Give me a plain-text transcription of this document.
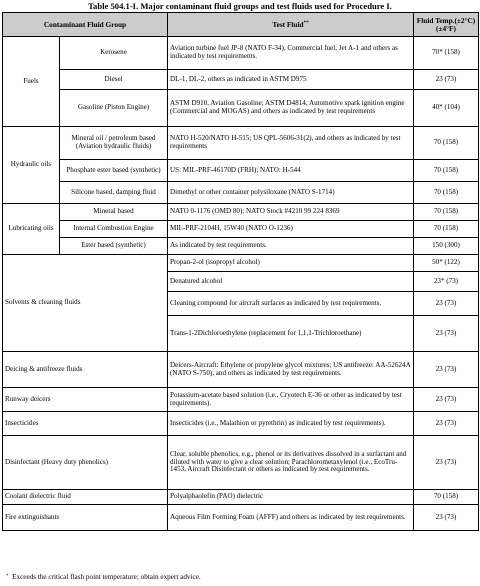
Table 504.1-I. Major contaminant fluid groups and test fluids used for Procedure I.
Contaminant Fluid Group		Test Fluid**	Fluid Temp.(±2°C) (±4°F)
Fuels	Kerosene	Aviation turbine fuel JP-8 (NATO F-34), Commercial fuel, Jet A-1 and others as indicated by test requirements.	70* (158)
	Diesel	DL-1, DL-2, others as indicated in ASTM D975	23 (73)
	Gasoline (Piston Engine)	ASTM D910, Aviation Gasoline; ASTM D4814, Automotive spark ignition engine (Commercial and MOGAS) and others as indicated by test requirements	40* (104)
Hydraulic oils	Mineral oil / petroleum based (Aviation hydraulic fluids)	NATO H-520/NATO H-515; US QPL-5606-31(2), and others as indicated by test requirements	70 (158)
	Phosphate ester based (synthetic)	US: MIL-PRF-46170D (FRH); NATO: H-544	70 (158)
	Silicone based, damping fluid	Dimethyl or other container polysiloxane (NATO S-1714)	70 (158)
Lubricating oils	Mineral based	NATO 0-1176 (OMD 80); NATO Stock #4210 99 224 8369	70 (158)
	Internal Combustion Engine	MIL-PRF-2104H, 15W40 (NATO O-1236)	70 (158)
	Ester based (synthetic)	As indicated by test requirements.	150 (300)
Solvents & cleaning fluids		Propan-2-ol (isopropyl alcohol)	50* (122)
		Denatured alcohol	23* (73)
		Cleaning compound for aircraft surfaces as indicated by test requirements.	23 (73)
		Trans-1-2Dichloroethylene (replacement for 1,1,1-Trichloroethane)	23 (73)
Deicing & antifreeze fluids		Deicers-Aircraft: Ethylene or propylene glycol mixtures; US antifreeze: AA-52624A (NATO S-750), and others as indicated by test requirements.	23 (73)
Runway deicers		Potassium-acetate based solution (i.e., Cryotech E-36 or other as indicated by test requirements).	23 (73)
Insecticides		Insecticides (i.e., Malathion or pyrethrin) as indicated by test requirements).	23 (73)
Disinfectant (Heavy duty phenolics)		Clear, soluble phenolics, e.g., phenol or its derivatives dissolved in a surfactant and diluted with water to give a clear solution; Parachlorometaxylenol (i.e., EcoTru-1453, Aircraft Disinfectant or others as indicated by test requirements.	23 (73)
Coolant dielectric fluid		Polyalphaolefin (PAO) dielectric	70 (158)
Fire extinguishants		Aqueous Film Forming Foam (AFFF) and others as indicated by test requirements.	23 (73)
* Exceeds the critical flash point temperature; obtain expert advice.
